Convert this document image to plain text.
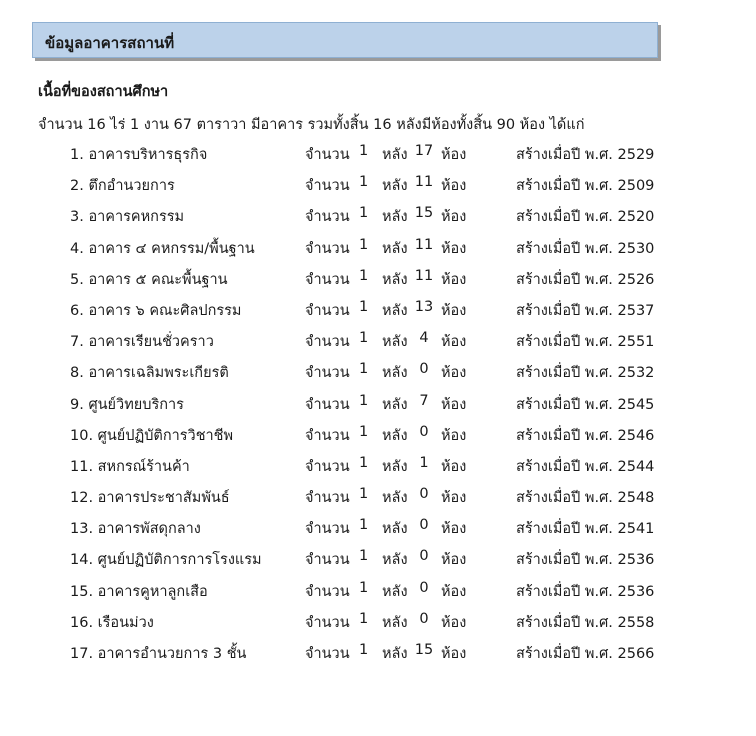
ข้อมูลอาคารสถานที่
เนื้อที่ของสถานศึกษา
จำนวน 16 ไร่ 1 งาน 67 ตาราวา มีอาคาร รวมทั้งสิ้น 16 หลังมีห้องทั้งสิ้น 90 ห้อง ได้แก่
1. อาคารบริหารธุรกิจ	จำนวน 1 หลัง 17 ห้อง	สร้างเมื่อปี พ.ศ. 2529
2. ตึกอำนวยการ	จำนวน 1 หลัง 11 ห้อง	สร้างเมื่อปี พ.ศ. 2509
3. อาคารคหกรรม	จำนวน 1 หลัง 15 ห้อง	สร้างเมื่อปี พ.ศ. 2520
4. อาคาร ๔ คหกรรม/พื้นฐาน	จำนวน 1 หลัง 11 ห้อง	สร้างเมื่อปี พ.ศ. 2530
5. อาคาร ๕ คณะพื้นฐาน	จำนวน 1 หลัง 11 ห้อง	สร้างเมื่อปี พ.ศ. 2526
6. อาคาร ๖ คณะศิลปกรรม	จำนวน 1 หลัง 13 ห้อง	สร้างเมื่อปี พ.ศ. 2537
7. อาคารเรียนชั่วคราว	จำนวน 1 หลัง 4 ห้อง	สร้างเมื่อปี พ.ศ. 2551
8. อาคารเฉลิมพระเกียรติ	จำนวน 1 หลัง 0 ห้อง	สร้างเมื่อปี พ.ศ. 2532
9. ศูนย์วิทยบริการ	จำนวน 1 หลัง 7 ห้อง	สร้างเมื่อปี พ.ศ. 2545
10. ศูนย์ปฏิบัติการวิชาชีพ	จำนวน 1 หลัง 0 ห้อง	สร้างเมื่อปี พ.ศ. 2546
11. สหกรณ์ร้านค้า	จำนวน 1 หลัง 1 ห้อง	สร้างเมื่อปี พ.ศ. 2544
12. อาคารประชาสัมพันธ์	จำนวน 1 หลัง 0 ห้อง	สร้างเมื่อปี พ.ศ. 2548
13. อาคารพัสดุกลาง	จำนวน 1 หลัง 0 ห้อง	สร้างเมื่อปี พ.ศ. 2541
14. ศูนย์ปฏิบัติการการโรงแรม	จำนวน 1 หลัง 0 ห้อง	สร้างเมื่อปี พ.ศ. 2536
15. อาคารคูหาลูกเสือ	จำนวน 1 หลัง 0 ห้อง	สร้างเมื่อปี พ.ศ. 2536
16. เรือนม่วง	จำนวน 1 หลัง 0 ห้อง	สร้างเมื่อปี พ.ศ. 2558
17. อาคารอำนวยการ 3 ชั้น	จำนวน 1 หลัง 15 ห้อง	สร้างเมื่อปี พ.ศ. 2566
